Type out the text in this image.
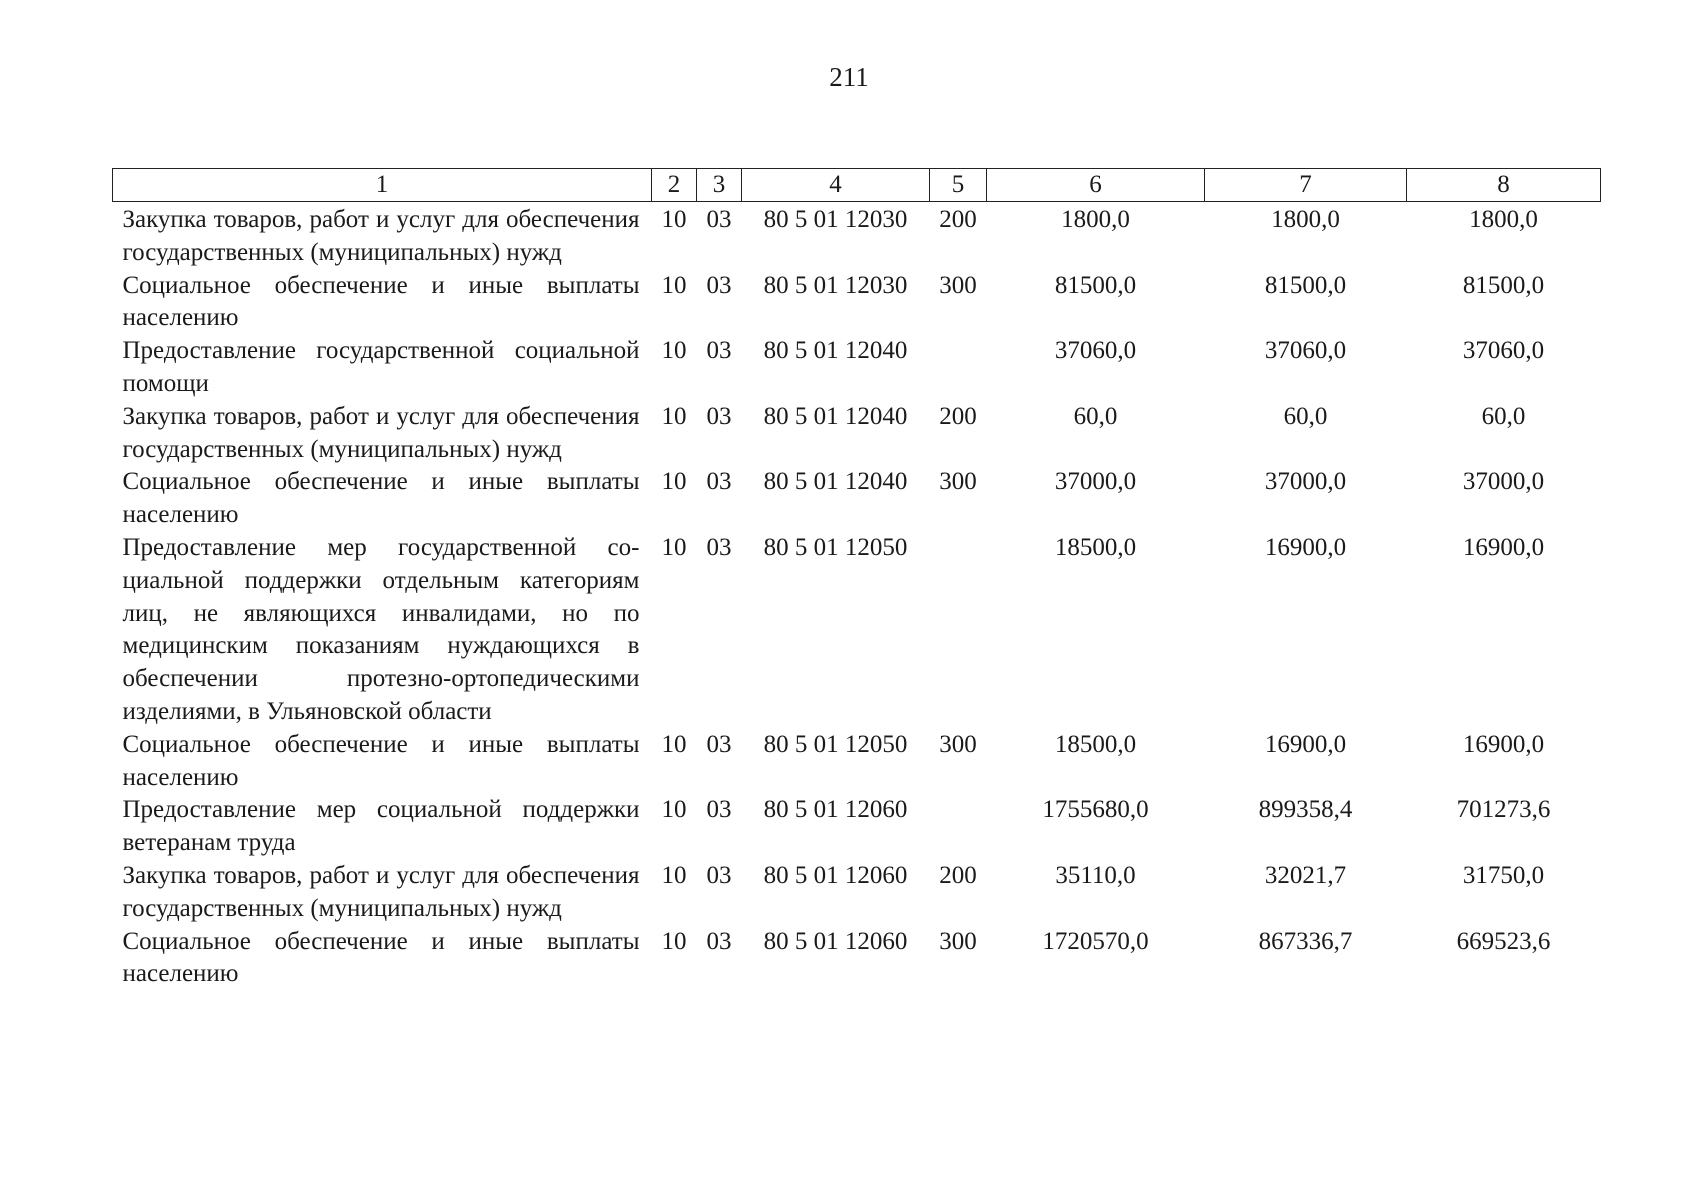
211
1	2	3	4	5	6	7	8
Закупка товаров, работ и услуг для обеспечения государственных (муниципальных) нужд	10	03	80 5 01 12030	200	1800,0	1800,0	1800,0
Социальное обеспечение и иные выплаты населению	10	03	80 5 01 12030	300	81500,0	81500,0	81500,0
Предоставление государственной социальной помощи	10	03	80 5 01 12040		37060,0	37060,0	37060,0
Закупка товаров, работ и услуг для обеспечения государственных (муниципальных) нужд	10	03	80 5 01 12040	200	60,0	60,0	60,0
Социальное обеспечение и иные выплаты населению	10	03	80 5 01 12040	300	37000,0	37000,0	37000,0
Предоставление мер государственной социальной поддержки отдельным категориям лиц, не являющихся инвалидами, но по медицинским показаниям нуждающихся в обеспечении протезно-ортопедическими изделиями, в Ульяновской области	10	03	80 5 01 12050		18500,0	16900,0	16900,0
Социальное обеспечение и иные выплаты населению	10	03	80 5 01 12050	300	18500,0	16900,0	16900,0
Предоставление мер социальной поддержки ветеранам труда	10	03	80 5 01 12060		1755680,0	899358,4	701273,6
Закупка товаров, работ и услуг для обеспечения государственных (муниципальных) нужд	10	03	80 5 01 12060	200	35110,0	32021,7	31750,0
Социальное обеспечение и иные выплаты населению	10	03	80 5 01 12060	300	1720570,0	867336,7	669523,6
